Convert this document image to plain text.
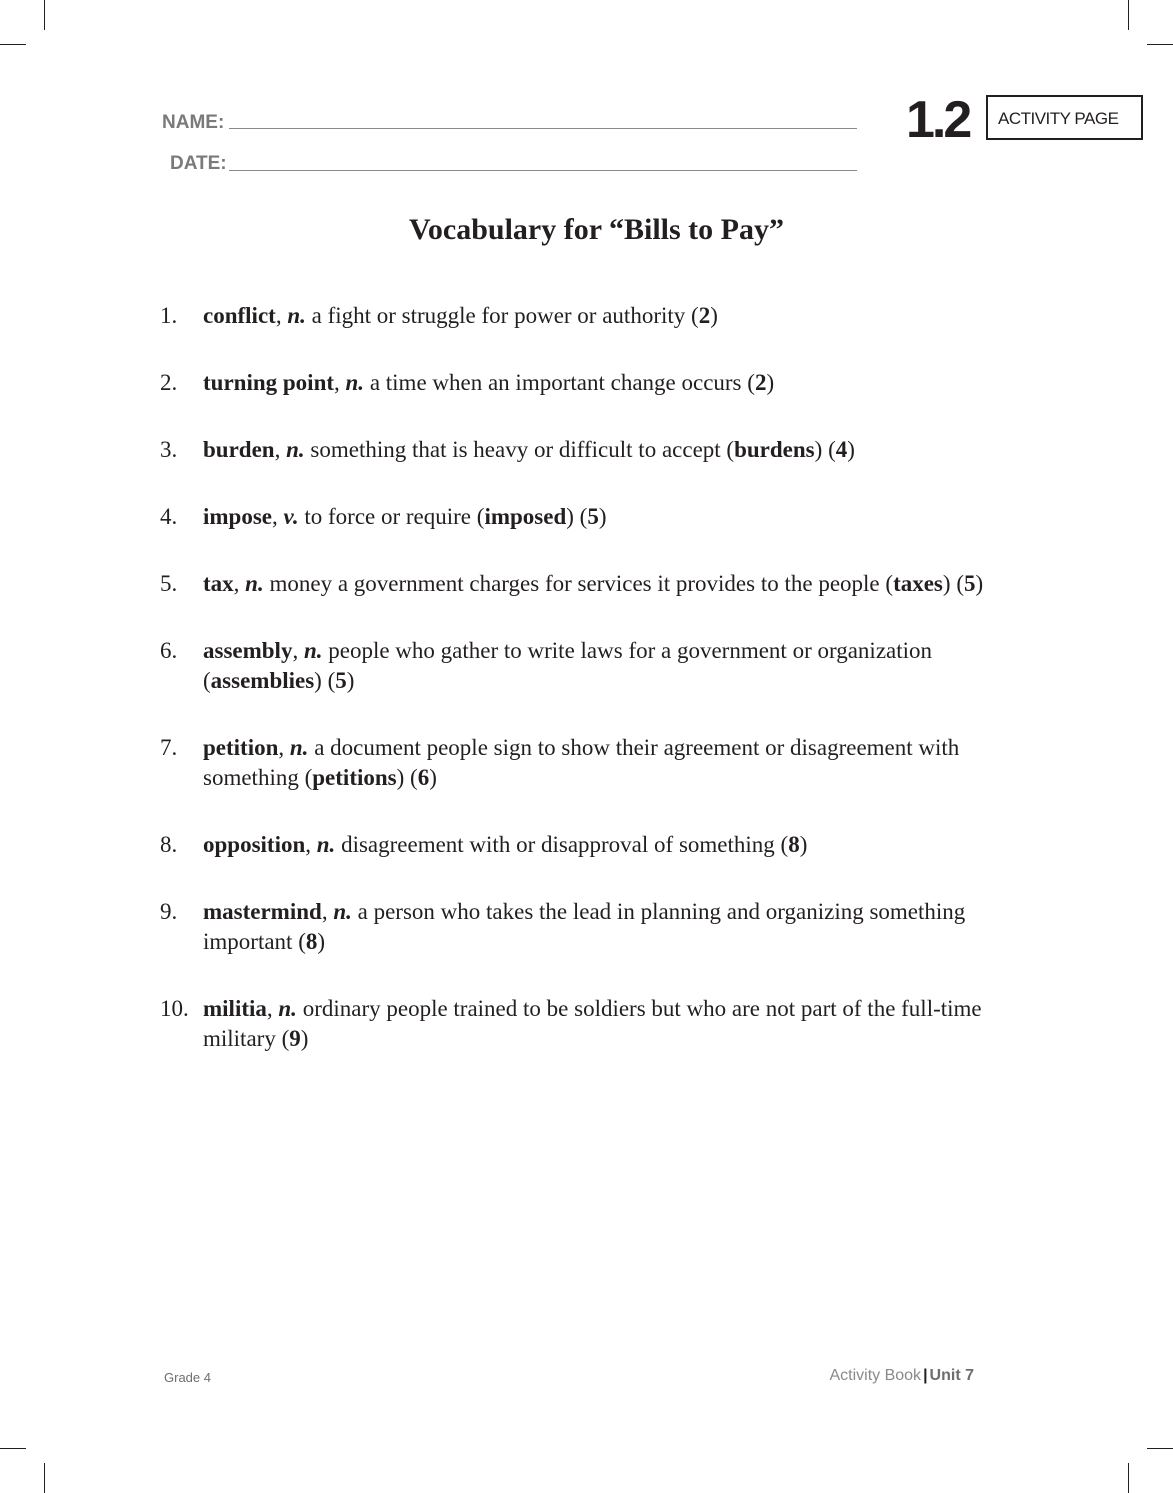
NAME:
DATE:
1.2 ACTIVITY PAGE
Vocabulary for “Bills to Pay”
1. conflict, n. a fight or struggle for power or authority (2)
2. turning point, n. a time when an important change occurs (2)
3. burden, n. something that is heavy or difficult to accept (burdens) (4)
4. impose, v. to force or require (imposed) (5)
5. tax, n. money a government charges for services it provides to the people (taxes) (5)
6. assembly, n. people who gather to write laws for a government or organization (assemblies) (5)
7. petition, n. a document people sign to show their agreement or disagreement with something (petitions) (6)
8. opposition, n. disagreement with or disapproval of something (8)
9. mastermind, n. a person who takes the lead in planning and organizing something important (8)
10. militia, n. ordinary people trained to be soldiers but who are not part of the full-time military (9)
Grade 4	Activity Book | Unit 7
